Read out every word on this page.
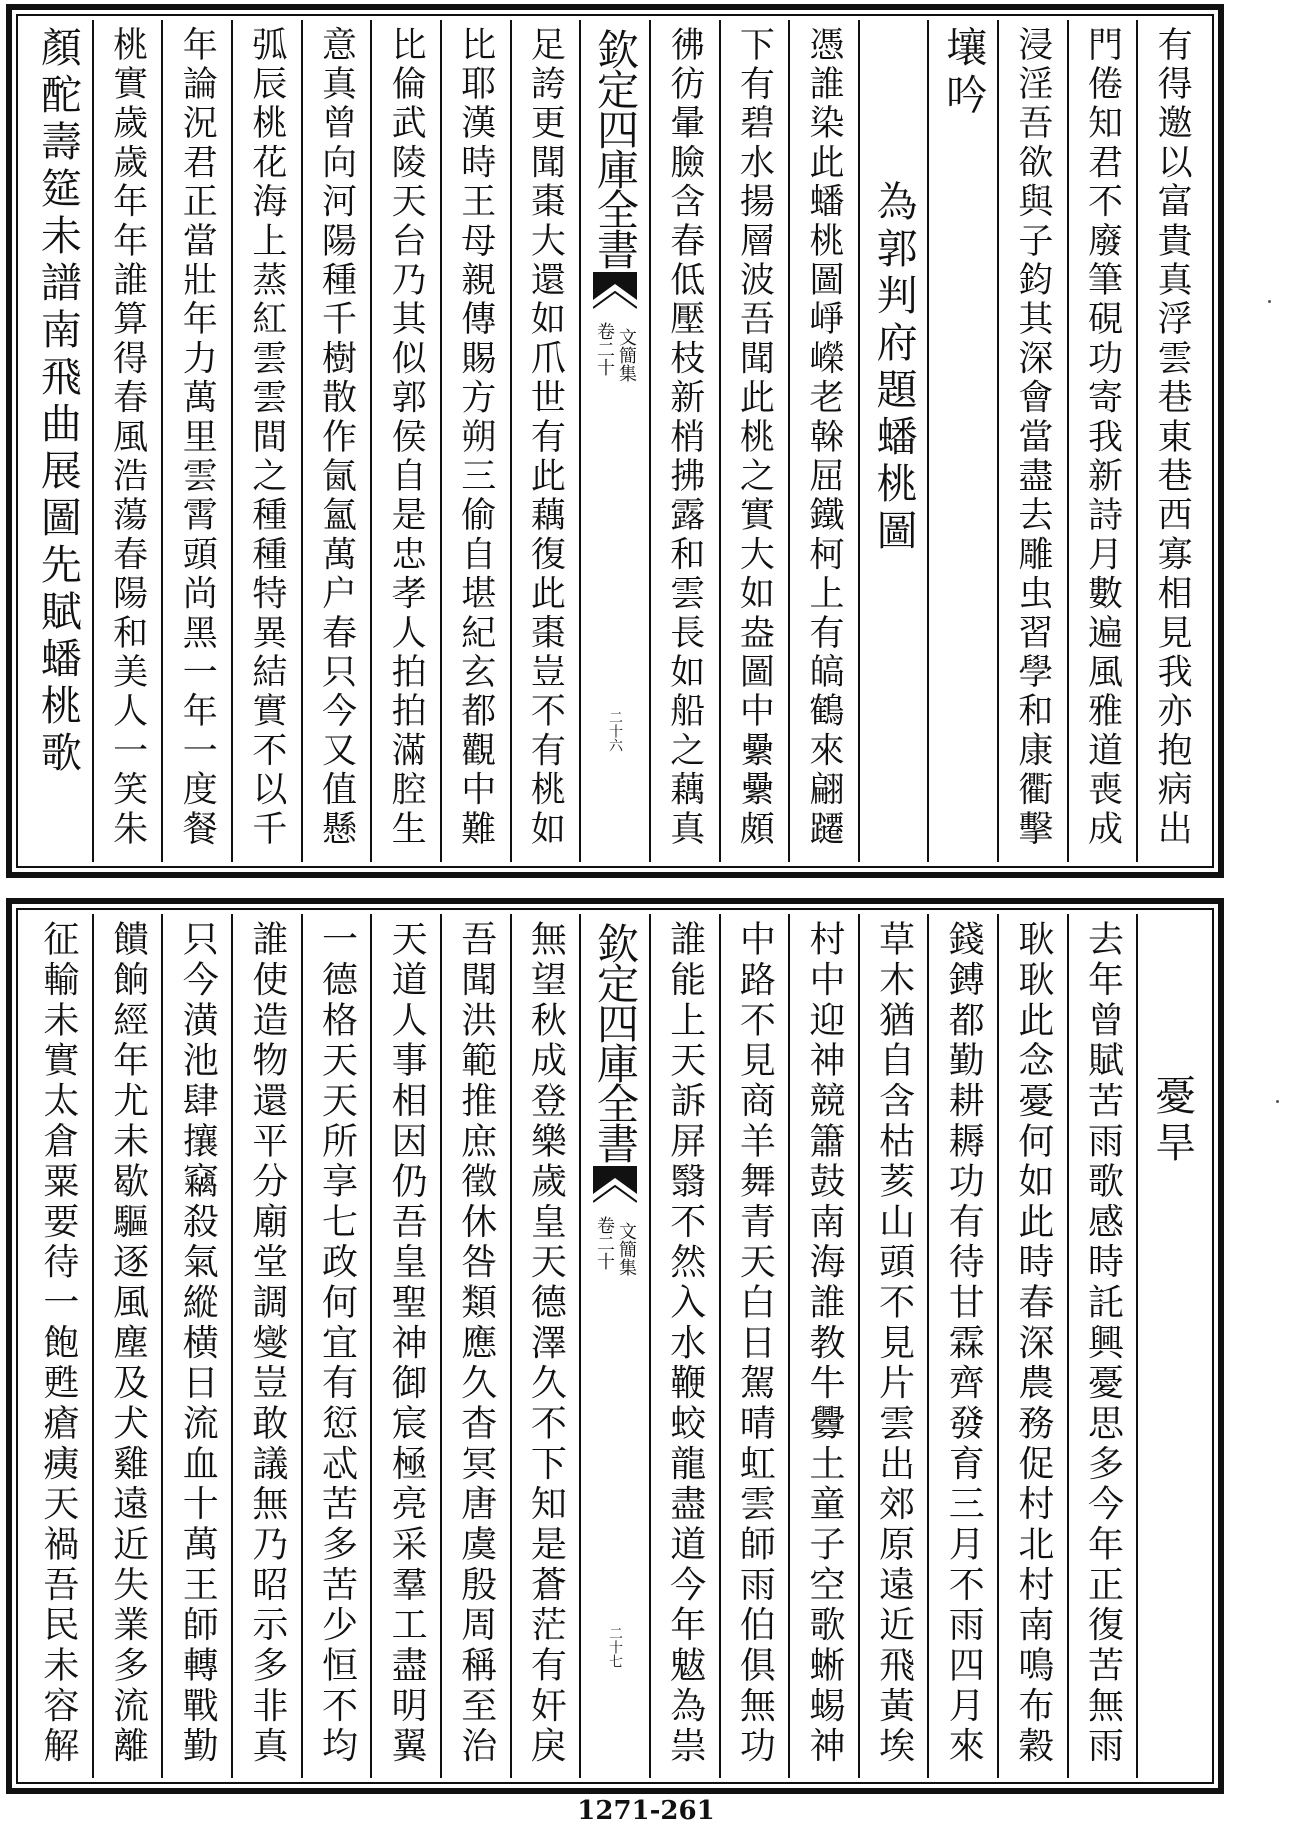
有得邀以富貴真浮雲巷東巷西寡相見我亦抱病出
門倦知君不廢筆硯功寄我新詩月數遍風雅道喪成
浸淫吾欲與子鈞其深會當盡去雕虫習學和康衢擊
壤吟
為郭判府題蟠桃圖
憑誰染此蟠桃圖崢嶸老榦屈鐵柯上有皜鶴來翩躚
下有碧水揚層波吾聞此桃之實大如盎圖中纍纍頗
彿彷暈臉含春低壓枝新梢拂露和雲長如船之藕真
欽定四庫全書
文簡集
卷二十
二十六
足誇更聞棗大還如爪世有此藕復此棗豈不有桃如
比耶漢時王母親傳賜方朔三偷自堪紀玄都觀中難
比倫武陵天台乃其似郭侯自是忠孝人拍拍滿腔生
意真曾向河陽種千樹散作氤氳萬户春只今又值懸
弧辰桃花海上蒸紅雲雲間之種種特異結實不以千
年論況君正當壯年力萬里雲霄頭尚黑一年一度餐
桃實歲歲年年誰算得春風浩蕩春陽和美人一笑朱
顏酡壽筵未譜南飛曲展圖先賦蟠桃歌
憂旱
去年曾賦苦雨歌感時託興憂思多今年正復苦無雨
耿耿此念憂何如此時春深農務促村北村南鳴布穀
錢鎛都勤耕耨功有待甘霖齊發育三月不雨四月來
草木猶自含枯荄山頭不見片雲出郊原遠近飛黃埃
村中迎神競簫鼓南海誰教牛釁土童子空歌蜥蜴神
中路不見商羊舞青天白日駕晴虹雲師雨伯俱無功
誰能上天訴屏翳不然入水鞭蛟龍盡道今年魃為祟
欽定四庫全書
文簡集
卷二十
二十七
無望秋成登樂歲皇天德澤久不下知是蒼茫有奸戾
吾聞洪範推庶徵休咎類應久杳冥唐虞殷周稱至治
天道人事相因仍吾皇聖神御宸極亮采羣工盡明翼
一德格天天所享七政何宜有愆忒苦多苦少恒不均
誰使造物還平分廟堂調燮豈敢議無乃昭示多非真
只今潢池肆攘竊殺氣縱横日流血十萬王師轉戰勤
饋餉經年尤未歇驅逐風塵及犬雞遠近失業多流離
征輸未實太倉粟要待一飽甦瘡痍天禍吾民未容解
1271-261
